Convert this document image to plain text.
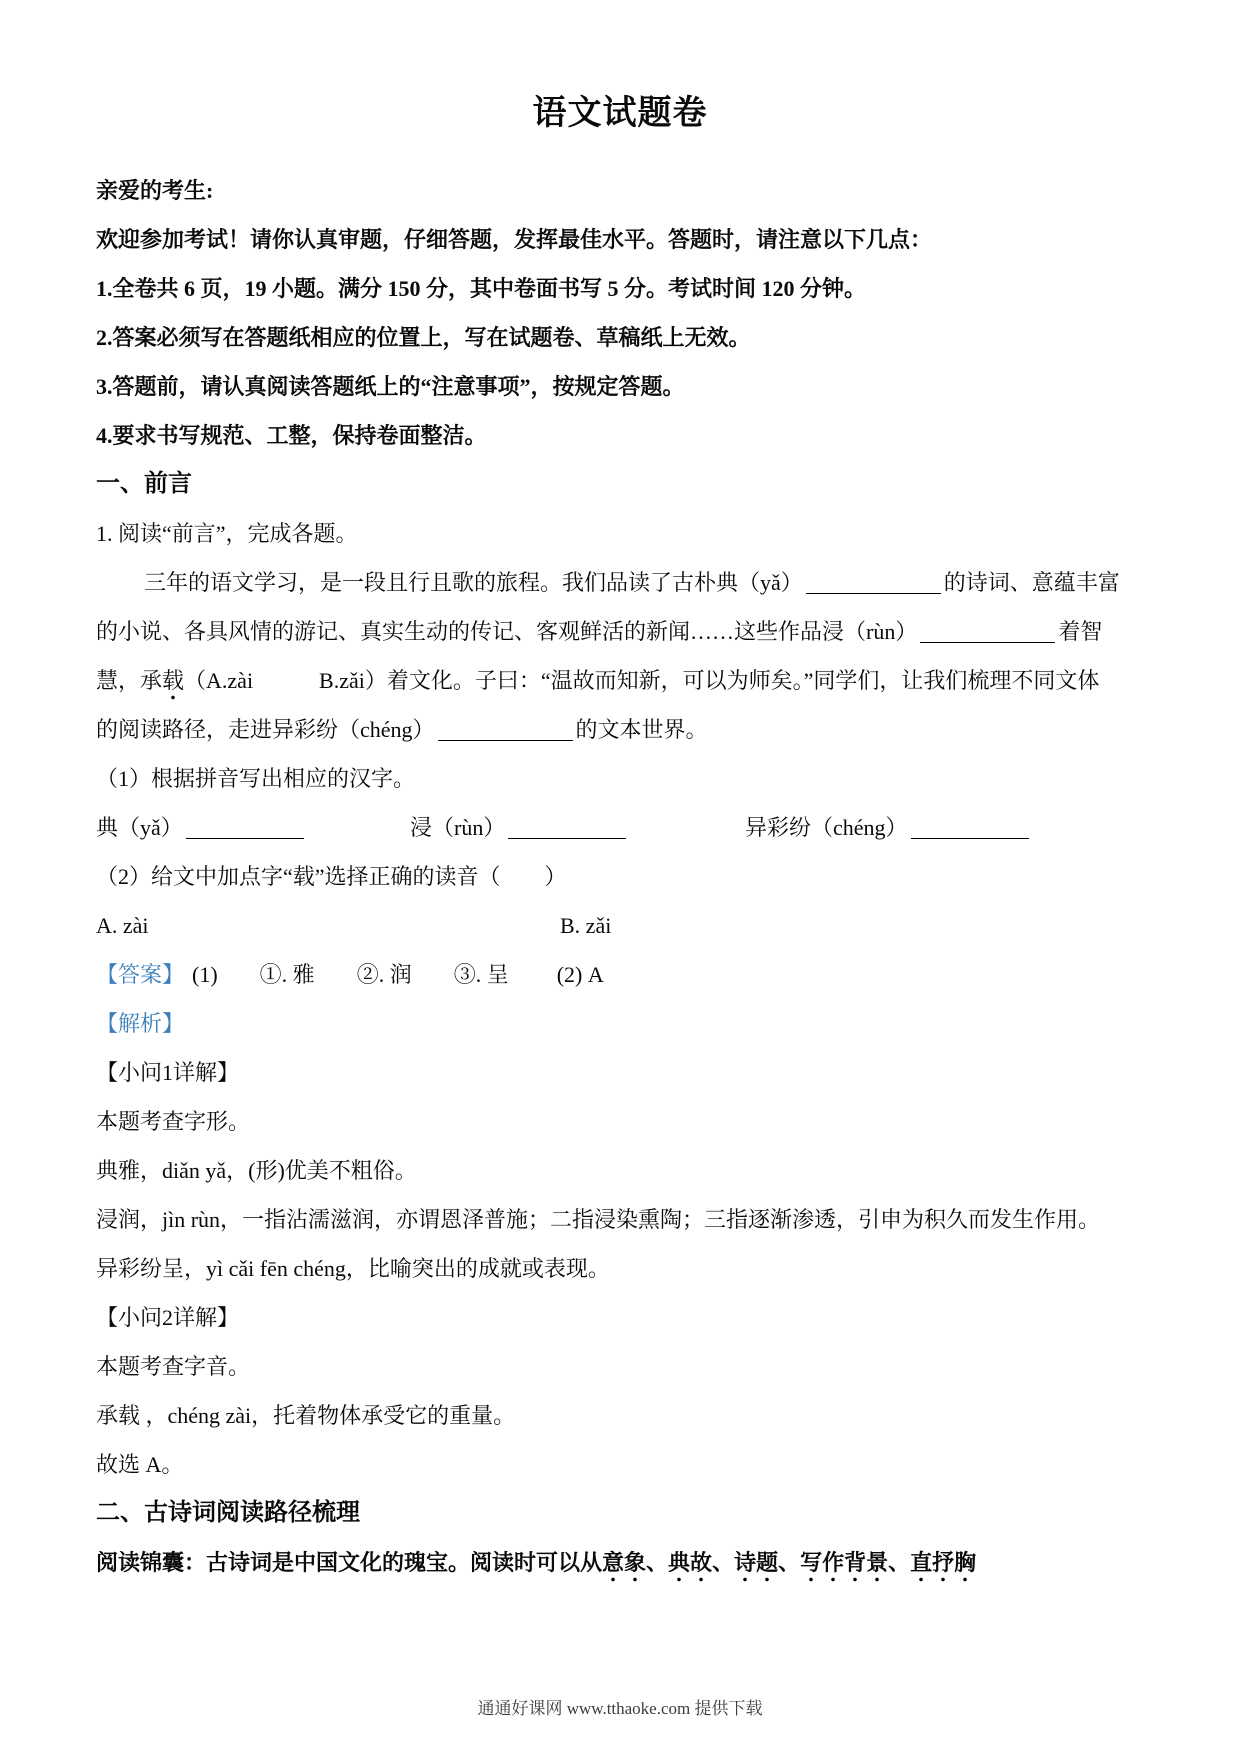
语文试题卷
亲爱的考生:
欢迎参加考试！请你认真审题，仔细答题，发挥最佳水平。答题时，请注意以下几点：
1.全卷共 6 页，19 小题。满分 150 分，其中卷面书写 5 分。考试时间 120 分钟。
2.答案必须写在答题纸相应的位置上，写在试题卷、草稿纸上无效。
3.答题前，请认真阅读答题纸上的“注意事项”，按规定答题。
4.要求书写规范、工整，保持卷面整洁。
一、前言
1. 阅读“前言”，完成各题。
三年的语文学习，是一段且行且歌的旅程。我们品读了古朴典（yǎ）	的诗词、意蕴丰富
的小说、各具风情的游记、真实生动的传记、客观鲜活的新闻……这些作品浸（rùn）	着智
慧，承载（A.zài　　　B.zǎi）着文化。子曰：“温故而知新，可以为师矣。”同学们，让我们梳理不同文体
的阅读路径，走进异彩纷（chéng）	的文本世界。
（1）根据拼音写出相应的汉字。
典（yǎ）	浸（rùn）	异彩纷（chéng）
（2）给文中加点字“载”选择正确的读音（　　）
A. zài	B. zǎi
【答案】 (1) ①. 雅 ②. 润 ③. 呈 (2) A
【解析】
【小问1详解】
本题考查字形。
典雅，diǎn yǎ，(形)优美不粗俗。
浸润，jìn rùn，一指沾濡滋润，亦谓恩泽普施；二指浸染熏陶；三指逐渐渗透，引申为积久而发生作用。
异彩纷呈，yì cǎi fēn chéng，比喻突出的成就或表现。
【小问2详解】
本题考查字音。
承载 ，chéng zài，托着物体承受它的重量。
故选 A。
二、古诗词阅读路径梳理
阅读锦囊：古诗词是中国文化的瑰宝。阅读时可以从意象、典故、诗题、写作背景、直抒胸
通通好课网 www.tthaoke.com 提供下载
